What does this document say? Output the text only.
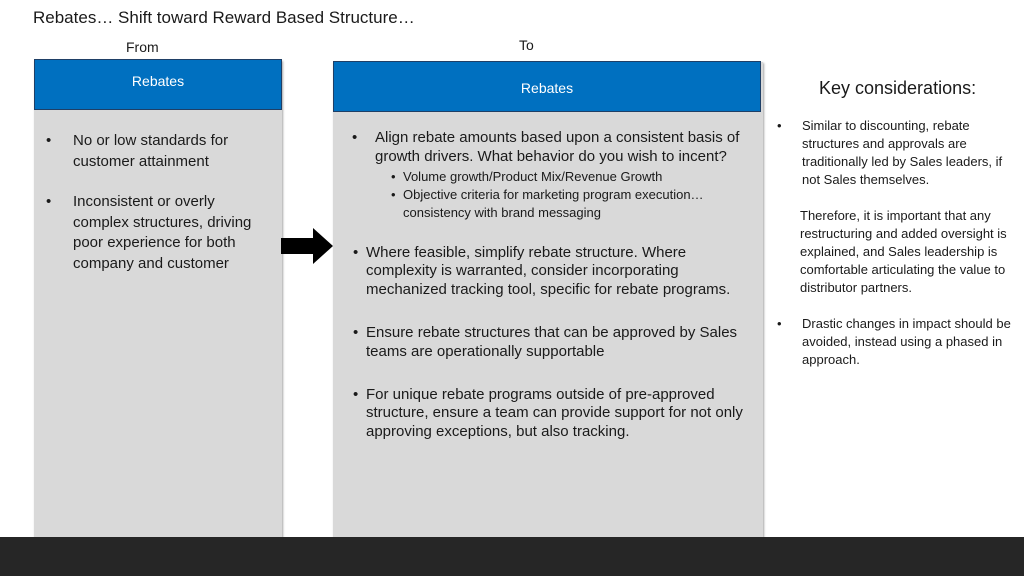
Rebates… Shift toward Reward Based Structure…
From	To
Rebates	Rebates
• No or low standards for customer attainment
• Inconsistent or overly complex structures, driving poor experience for both company and customer
• Align rebate amounts based upon a consistent basis of growth drivers. What behavior do you wish to incent?
• Volume growth/Product Mix/Revenue Growth
• Objective criteria for marketing program execution… consistency with brand messaging
• Where feasible, simplify rebate structure. Where complexity is warranted, consider incorporating mechanized tracking tool, specific for rebate programs.
• Ensure rebate structures that can be approved by Sales teams are operationally supportable
• For unique rebate programs outside of pre-approved structure, ensure a team can provide support for not only approving exceptions, but also tracking.
Key considerations:
• Similar to discounting, rebate structures and approvals are traditionally led by Sales leaders, if not Sales themselves.
Therefore, it is important that any restructuring and added oversight is explained, and Sales leadership is comfortable articulating the value to distributor partners.
• Drastic changes in impact should be avoided, instead using a phased in approach.
